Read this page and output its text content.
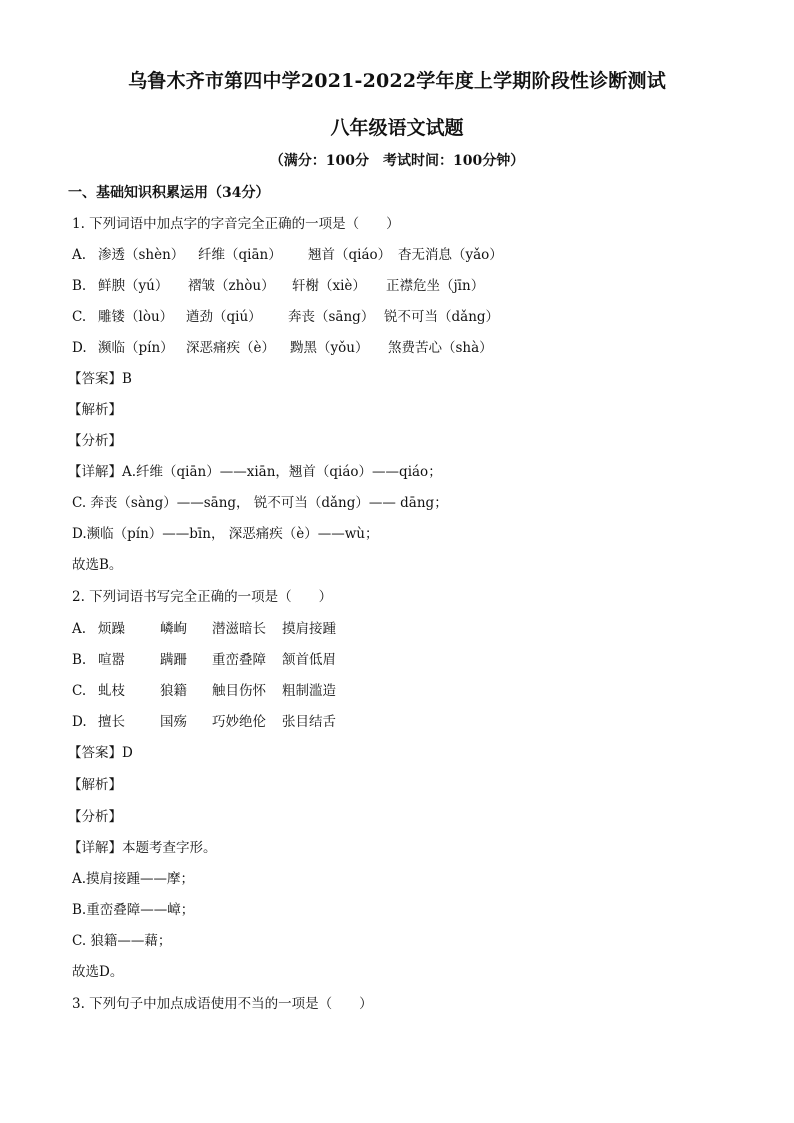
乌鲁木齐市第四中学2021-2022学年度上学期阶段性诊断测试
八年级语文试题
（满分：100分　考试时间：100分钟）
一、基础知识积累运用（34分）
1. 下列词语中加点字的字音完全正确的一项是（　　）
A. 渗透（shèn） 纤维（qiān） 翘首（qiáo） 杳无消息（yǎo）
B. 鲜腴（yú） 褶皱（zhòu） 轩榭（xiè） 正襟危坐（jīn）
C. 雕镂（lòu） 遒劲（qiú） 奔丧（sāng） 锐不可当（dǎng）
D. 濒临（pín） 深恶痛疾（è） 黝黑（yǒu） 煞费苦心（shà）
【答案】B
【解析】
【分析】
【详解】A.纤维（qiān）——xiān，翘首（qiáo）——qiáo；
C. 奔丧（sàng）——sāng， 锐不可当（dǎng）—— dāng；
D.濒临（pín）——bīn， 深恶痛疾（è）——wù；
故选B。
2. 下列词语书写完全正确的一项是（　　）
A. 烦躁	嶙峋 潜滋暗长 摸肩接踵
B. 喧嚣	蹒跚 重峦叠障 颔首低眉
C. 虬枝	狼籍 触目伤怀 粗制滥造
D. 擅长	国殇 巧妙绝伦 张目结舌
【答案】D
【解析】
【分析】
【详解】本题考查字形。
A.摸肩接踵——摩；
B.重峦叠障——嶂；
C. 狼籍——藉；
故选D。
3. 下列句子中加点成语使用不当的一项是（　　）
